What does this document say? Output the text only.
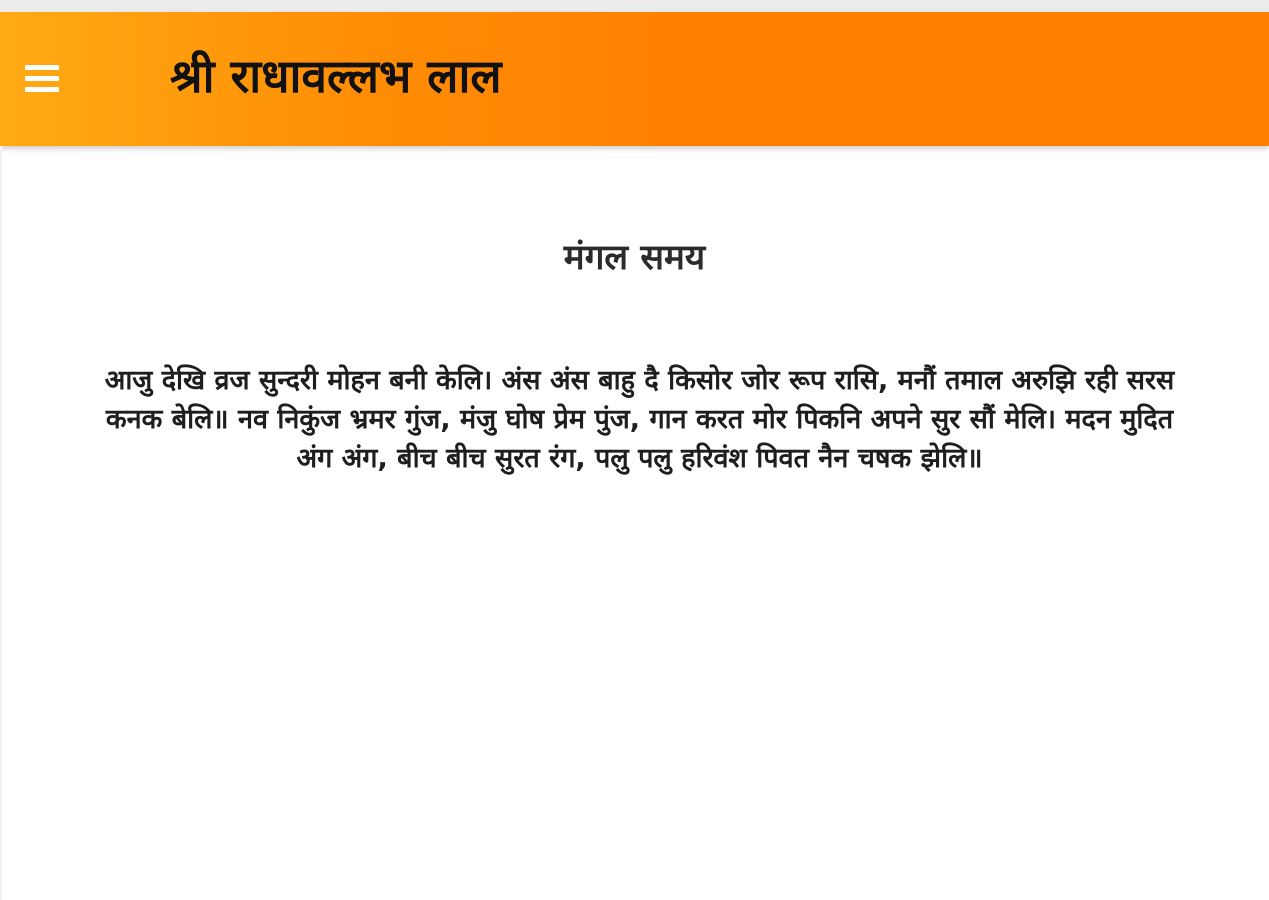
श्री राधावल्लभ लाल
मंगल समय

आजु देखि व्रज सुन्दरी मोहन बनी केलि। अंस अंस बाहु दै किसोर जोर रूप रासि, मनौं तमाल अरुझि रही सरस कनक बेलि॥ नव निकुंज भ्रमर गुंज, मंजु घोष प्रेम पुंज, गान करत मोर पिकनि अपने सुर सौं मेलि। मदन मुदित अंग अंग, बीच बीच सुरत रंग, पलु पलु हरिवंश पिवत नैन चषक झेलि॥
